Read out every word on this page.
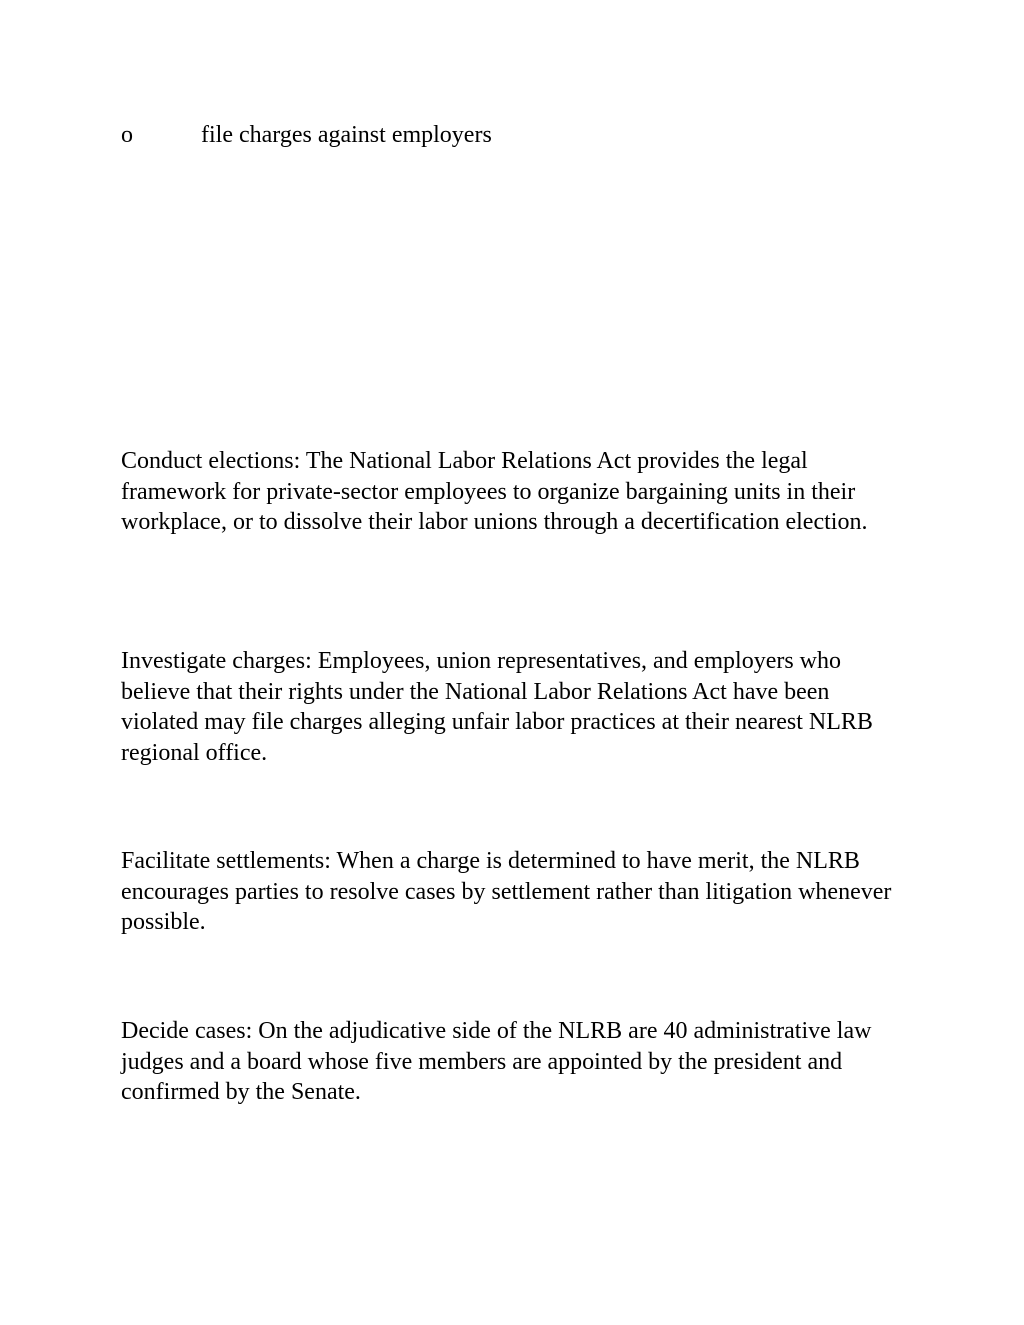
o	file charges against employers

Conduct elections: The National Labor Relations Act provides the legal framework for private-sector employees to organize bargaining units in their workplace, or to dissolve their labor unions through a decertification election.

Investigate charges: Employees, union representatives, and employers who believe that their rights under the National Labor Relations Act have been violated may file charges alleging unfair labor practices at their nearest NLRB regional office.

Facilitate settlements: When a charge is determined to have merit, the NLRB encourages parties to resolve cases by settlement rather than litigation whenever possible.

Decide cases: On the adjudicative side of the NLRB are 40 administrative law judges and a board whose five members are appointed by the president and confirmed by the Senate.
